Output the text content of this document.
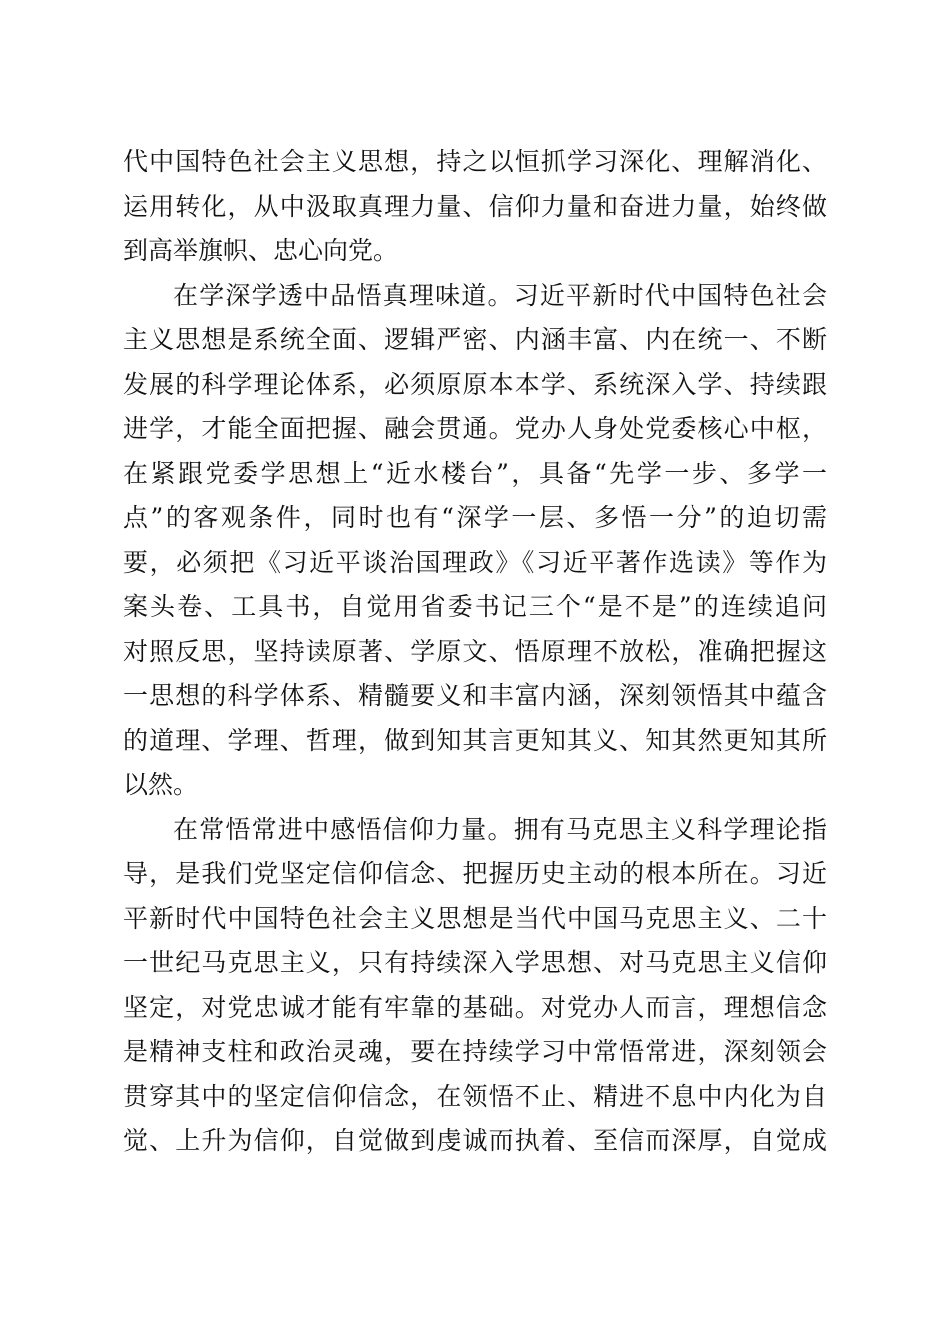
代中国特色社会主义思想，持之以恒抓学习深化、理解消化、
运用转化，从中汲取真理力量、信仰力量和奋进力量，始终做
到高举旗帜、忠心向党。
在学深学透中品悟真理味道。习近平新时代中国特色社会
主义思想是系统全面、逻辑严密、内涵丰富、内在统一、不断
发展的科学理论体系，必须原原本本学、系统深入学、持续跟
进学，才能全面把握、融会贯通。党办人身处党委核心中枢，
在紧跟党委学思想上“近水楼台”，具备“先学一步、多学一
点”的客观条件，同时也有“深学一层、多悟一分”的迫切需
要，必须把《习近平谈治国理政》《习近平著作选读》等作为
案头卷、工具书，自觉用省委书记三个“是不是”的连续追问
对照反思，坚持读原著、学原文、悟原理不放松，准确把握这
一思想的科学体系、精髓要义和丰富内涵，深刻领悟其中蕴含
的道理、学理、哲理，做到知其言更知其义、知其然更知其所
以然。
在常悟常进中感悟信仰力量。拥有马克思主义科学理论指
导，是我们党坚定信仰信念、把握历史主动的根本所在。习近
平新时代中国特色社会主义思想是当代中国马克思主义、二十
一世纪马克思主义，只有持续深入学思想、对马克思主义信仰
坚定，对党忠诚才能有牢靠的基础。对党办人而言，理想信念
是精神支柱和政治灵魂，要在持续学习中常悟常进，深刻领会
贯穿其中的坚定信仰信念，在领悟不止、精进不息中内化为自
觉、上升为信仰，自觉做到虔诚而执着、至信而深厚，自觉成
